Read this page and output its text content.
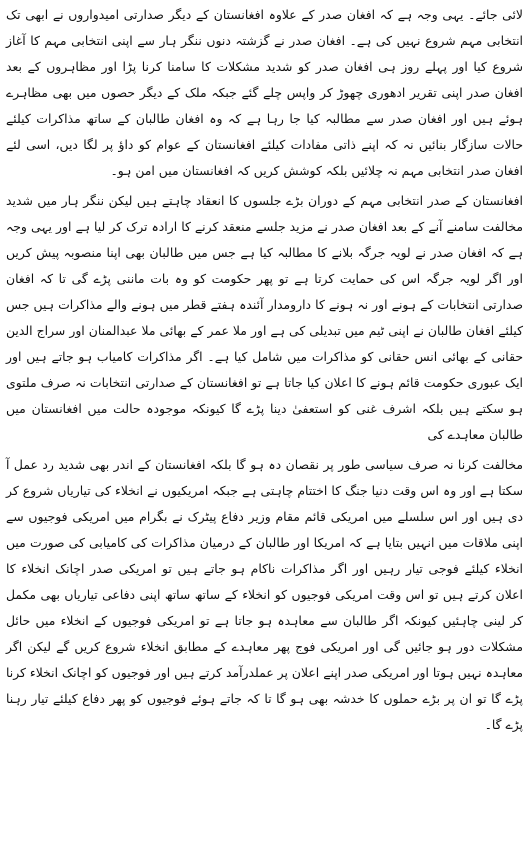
لائی جائے۔ یہی وجہ ہے کہ افغان صدر کے علاوہ افغانستان کے دیگر صدارتی امیدواروں نے ابھی تک انتخابی مہم شروع نہیں کی ہے۔ افغان صدر نے گزشتہ دنوں ننگر ہار سے اپنی انتخابی مہم کا آغاز شروع کیا اور پہلے روز ہی افغان صدر کو شدید مشکلات کا سامنا کرنا پڑا اور مظاہروں کے بعد افغان صدر اپنی تقریر ادھوری چھوڑ کر واپس چلے گئے جبکہ ملک کے دیگر حصوں میں بھی مظاہرے ہوئے ہیں اور افغان صدر سے مطالبہ کیا جا رہا ہے کہ وہ افغان طالبان کے ساتھ مذاکرات کیلئے حالات سازگار بنائیں نہ کہ اپنے ذاتی مفادات کیلئے افغانستان کے عوام کو داؤ پر لگا دیں، اسی لئے افغان صدر انتخابی مہم نہ چلائیں بلکہ کوشش کریں کہ افغانستان میں امن ہو۔

افغانستان کے صدر انتخابی مہم کے دوران بڑے جلسوں کا انعقاد چاہتے ہیں لیکن ننگر ہار میں شدید مخالفت سامنے آنے کے بعد افغان صدر نے مزید جلسے منعقد کرنے کا ارادہ ترک کر لیا ہے اور یہی وجہ ہے کہ افغان صدر نے لویہ جرگہ بلانے کا مطالبہ کیا ہے جس میں طالبان بھی اپنا منصوبہ پیش کریں اور اگر لویہ جرگہ اس کی حمایت کرتا ہے تو پھر حکومت کو وہ بات ماننی پڑے گی تا کہ افغان صدارتی انتخابات کے ہونے اور نہ ہونے کا دارومدار آئندہ ہفتے قطر میں ہونے والے مذاکرات ہیں جس کیلئے افغان طالبان نے اپنی ٹیم میں تبدیلی کی ہے اور ملا عمر کے بھائی ملا عبدالمنان اور سراج الدین حقانی کے بھائی انس حقانی کو مذاکرات میں شامل کیا ہے۔ اگر مذاکرات کامیاب ہو جاتے ہیں اور ایک عبوری حکومت قائم ہونے کا اعلان کیا جاتا ہے تو افغانستان کے صدارتی انتخابات نہ صرف ملتوی ہو سکتے ہیں بلکہ اشرف غنی کو استعفیٰ دینا پڑے گا کیونکہ موجودہ حالت میں افغانستان میں طالبان معاہدے کی

مخالفت کرنا نہ صرف سیاسی طور پر نقصان دہ ہو گا بلکہ افغانستان کے اندر بھی شدید رد عمل آ سکتا ہے اور وہ اس وقت دنیا جنگ کا اختتام چاہتی ہے جبکہ امریکیوں نے انخلاء کی تیاریاں شروع کر دی ہیں اور اس سلسلے میں امریکی قائم مقام وزیر دفاع پیٹرک نے بگرام میں امریکی فوجیوں سے اپنی ملاقات میں انہیں بتایا ہے کہ امریکا اور طالبان کے درمیان مذاکرات کی کامیابی کی صورت میں انخلاء کیلئے فوجی تیار رہیں اور اگر مذاکرات ناکام ہو جاتے ہیں تو امریکی صدر اچانک انخلاء کا اعلان کرتے ہیں تو اس وقت امریکی فوجیوں کو انخلاء کے ساتھ ساتھ اپنی دفاعی تیاریاں بھی مکمل کر لینی چاہئیں کیونکہ اگر طالبان سے معاہدہ ہو جاتا ہے تو امریکی فوجیوں کے انخلاء میں حائل مشکلات دور ہو جائیں گی اور امریکی فوج پھر معاہدے کے مطابق انخلاء شروع کریں گے لیکن اگر معاہدہ نہیں ہوتا اور امریکی صدر اپنے اعلان پر عملدرآمد کرتے ہیں اور فوجیوں کو اچانک انخلاء کرنا پڑے گا تو ان پر بڑے حملوں کا خدشہ بھی ہو گا تا کہ جاتے ہوئے فوجیوں کو پھر دفاع کیلئے تیار رہنا پڑے گا۔
